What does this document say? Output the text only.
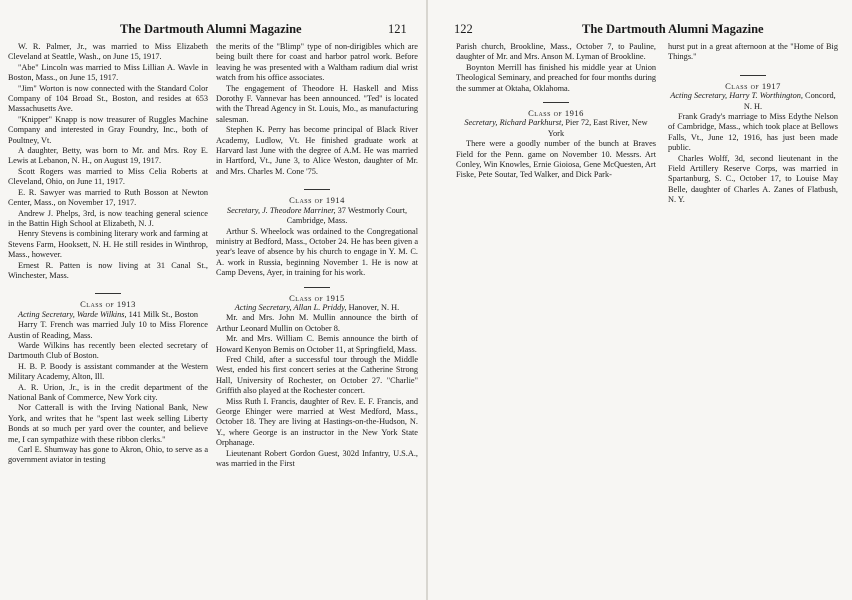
The Dartmouth Alumni Magazine	121

W. R. Palmer, Jr., was married to Miss Elizabeth Cleveland at Seattle, Wash., on June 15, 1917.

"Abe" Lincoln was married to Miss Lillian A. Wavle in Boston, Mass., on June 15, 1917.

"Jim" Worton is now connected with the Standard Color Company of 104 Broad St., Boston, and resides at 653 Massachusetts Ave.

"Knipper" Knapp is now treasurer of Ruggles Machine Company and interested in Gray Foundry, Inc., both of Poultney, Vt.

A daughter, Betty, was born to Mr. and Mrs. Roy E. Lewis at Lebanon, N. H., on August 19, 1917.

Scott Rogers was married to Miss Celia Roberts at Cleveland, Ohio, on June 11, 1917.

E. R. Sawyer was married to Ruth Bosson at Newton Center, Mass., on November 17, 1917.

Andrew J. Phelps, 3rd, is now teaching general science in the Battin High School at Elizabeth, N. J.

Henry Stevens is combining literary work and farming at Stevens Farm, Hooksett, N. H. He still resides in Winthrop, Mass., however.

Ernest R. Patten is now living at 31 Canal St., Winchester, Mass.

Class of 1913

Acting Secretary, Warde Wilkins, 141 Milk St., Boston

Harry T. French was married July 10 to Miss Florence Austin of Reading, Mass.

Warde Wilkins has recently been elected secretary of Dartmouth Club of Boston.

H. B. P. Boody is assistant commander at the Western Military Academy, Alton, Ill.

A. R. Urion, Jr., is in the credit department of the National Bank of Commerce, New York city.

Nor Catterall is with the Irving National Bank, New York, and writes that he "spent last week selling Liberty Bonds at so much per yard over the counter, and believe me, I can sympathize with these ribbon clerks."

Carl E. Shumway has gone to Akron, Ohio, to serve as a government aviator in testing

the merits of the "Blimp" type of non-dirigibles which are being built there for coast and harbor patrol work. Before leaving he was presented with a Waltham radium dial wrist watch from his office associates.

The engagement of Theodore H. Haskell and Miss Dorothy F. Vannevar has been announced. "Ted" is located with the Thread Agency in St. Louis, Mo., as manufacturing salesman.

Stephen K. Perry has become principal of Black River Academy, Ludlow, Vt. He finished graduate work at Harvard last June with the degree of A.M. He was married in Hartford, Vt., June 3, to Alice Weston, daughter of Mr. and Mrs. Charles M. Cone '75.

Class of 1914

Secretary, J. Theodore Marriner, 37 Westmorly Court, Cambridge, Mass.

Arthur S. Wheelock was ordained to the Congregational ministry at Bedford, Mass., October 24. He has been given a year's leave of absence by his church to engage in Y. M. C. A. work in Russia, beginning November 1. He is now at Camp Devens, Ayer, in training for his work.

Class of 1915

Acting Secretary, Allan L. Priddy, Hanover, N. H.

Mr. and Mrs. John M. Mullin announce the birth of Arthur Leonard Mullin on October 8.

Mr. and Mrs. William C. Bemis announce the birth of Howard Kenyon Bemis on October 11, at Springfield, Mass.

Fred Child, after a successful tour through the Middle West, ended his first concert series at the Catherine Strong Hall, University of Rochester, on October 27. "Charlie" Griffith also played at the Rochester concert.

Miss Ruth I. Francis, daughter of Rev. E. F. Francis, and George Ehinger were married at West Medford, Mass., October 18. They are living at Hastings-on-the-Hudson, N. Y., where George is an instructor in the New York State Orphanage.

Lieutenant Robert Gordon Guest, 302d Infantry, U.S.A., was married in the First

122	The Dartmouth Alumni Magazine

Parish church, Brookline, Mass., October 7, to Pauline, daughter of Mr. and Mrs. Anson M. Lyman of Brookline.

Boynton Merrill has finished his middle year at Union Theological Seminary, and preached for four months during the summer at Oktaha, Oklahoma.

Class of 1916

Secretary, Richard Parkhurst, Pier 72, East River, New York

There were a goodly number of the bunch at Braves Field for the Penn. game on November 10. Messrs. Art Conley, Win Knowles, Ernie Gioiosa, Gene McQuesten, Art Fiske, Pete Soutar, Ted Walker, and Dick Park-

hurst put in a great afternoon at the "Home of Big Things."

Class of 1917

Acting Secretary, Harry T. Worthington, Concord, N. H.

Frank Grady's marriage to Miss Edythe Nelson of Cambridge, Mass., which took place at Bellows Falls, Vt., June 12, 1916, has just been made public.

Charles Wolff, 3d, second lieutenant in the Field Artillery Reserve Corps, was married in Spartanburg, S. C., October 17, to Louise May Belle, daughter of Charles A. Zanes of Flatbush, N. Y.
